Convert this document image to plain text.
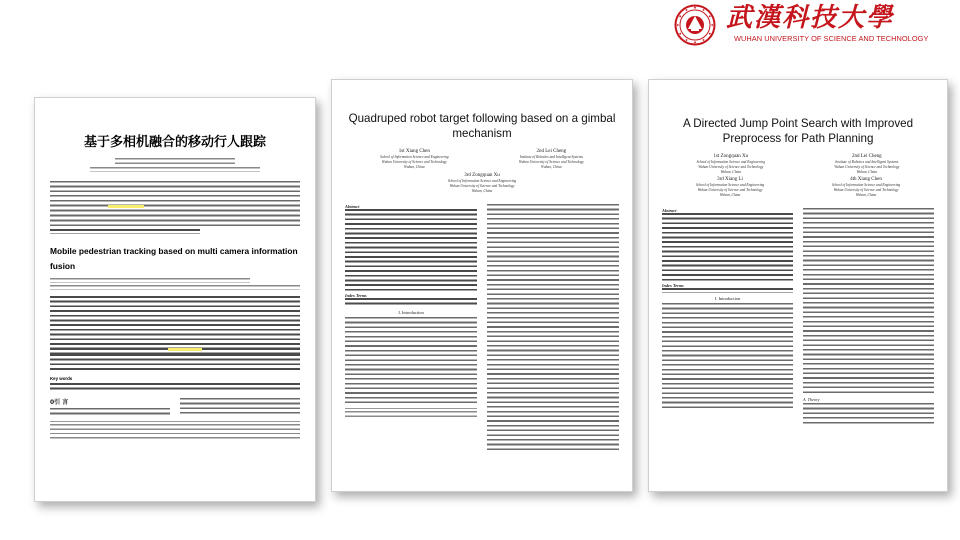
武漢科技大學
WUHAN UNIVERSITY OF SCIENCE AND TECHNOLOGY
基于多相机融合的移动行人跟踪
Mobile pedestrian tracking based on multi camera information fusion
Key words
0引 言
Quadruped robot target following based on a gimbal mechanism
1st Xiang Chen
School of Information Science and Engineering
Wuhan University of Science and Technology
Wuhan, China
2nd Lei Cheng
Institute of Robotics and Intelligent Systems
Wuhan University of Science and Technology
Wuhan, China
3rd Zongquan Xu
School of Information Science and Engineering
Wuhan University of Science and Technology
Wuhan, China
Abstract
Index Terms
I. Introduction
A Directed Jump Point Search with Improved Preprocess for Path Planning
1st Zongquan Xu
School of Information Science and Engineering
Wuhan University of Science and Technology
Wuhan, China
2nd Lei Cheng
Institute of Robotics and Intelligent Systems
Wuhan University of Science and Technology
Wuhan, China
3rd Xiang Li
School of Information Science and Engineering
Wuhan University of Science and Technology
Wuhan, China
4th Xiang Chen
School of Information Science and Engineering
Wuhan University of Science and Technology
Wuhan, China
Abstract
Index Terms
I. Introduction
A. Theory
